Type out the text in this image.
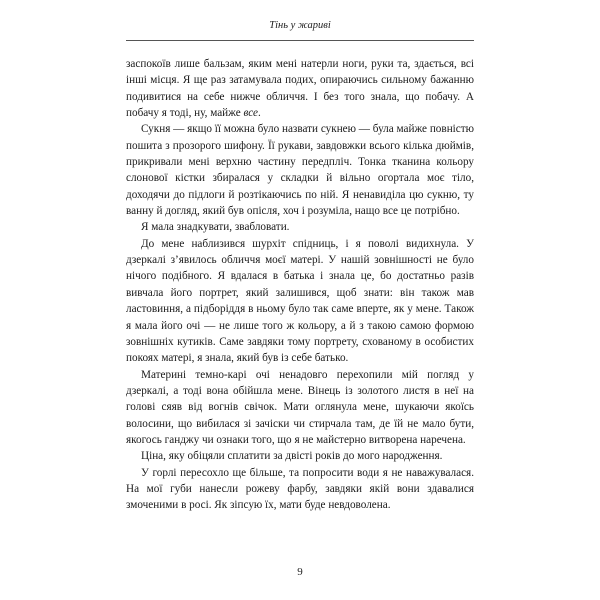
Тінь у жариві

заспокоїв лише бальзам, яким мені натерли ноги, руки та, здається, всі інші місця. Я ще раз затамувала подих, опираючись сильному бажанню подивитися на себе нижче обличчя. І без того знала, що побачу. А побачу я тоді, ну, майже все.

Сукня — якщо її можна було назвати сукнею — була майже повністю пошита з прозорого шифону. Її рукави, завдовжки всього кілька дюймів, прикривали мені верхню частину передпліч. Тонка тканина кольору слонової кістки збиралася у складки й вільно огортала моє тіло, доходячи до підлоги й розтікаючись по ній. Я ненавиділа цю сукню, ту ванну й догляд, який був опісля, хоч і розуміла, нащо все це потрібно.

Я мала знадкувати, звабловати.

До мене наблизився шурхіт спідниць, і я поволі видихнула. У дзеркалі з’явилось обличчя моєї матері. У нашій зовнішності не було нічого подібного. Я вдалася в батька і знала це, бо достатньо разів вивчала його портрет, який залишився, щоб знати: він також мав ластовиння, а підборіддя в ньому було так саме вперте, як у мене. Також я мала його очі — не лише того ж кольору, а й з такою самою формою зовнішніх кутиків. Саме завдяки тому портрету, схованому в особистих покоях матері, я знала, який був із себе батько.

Материні темно-карі очі ненадовго перехопили мій погляд у дзеркалі, а тоді вона обійшла мене. Вінець із золотого листя в неї на голові сяяв від вогнів свічок. Мати оглянула мене, шукаючи якоїсь волосини, що вибилася зі зачіски чи стирчала там, де їй не мало бути, якогось ганджу чи ознаки того, що я не майстерно витворена наречена.

Ціна, яку обіцяли сплатити за двісті років до мого народження.

У горлі пересохло ще більше, та попросити води я не наважувалася. На мої губи нанесли рожеву фарбу, завдяки якій вони здавалися змоченими в росі. Як зіпсую їх, мати буде невдоволена.

9
